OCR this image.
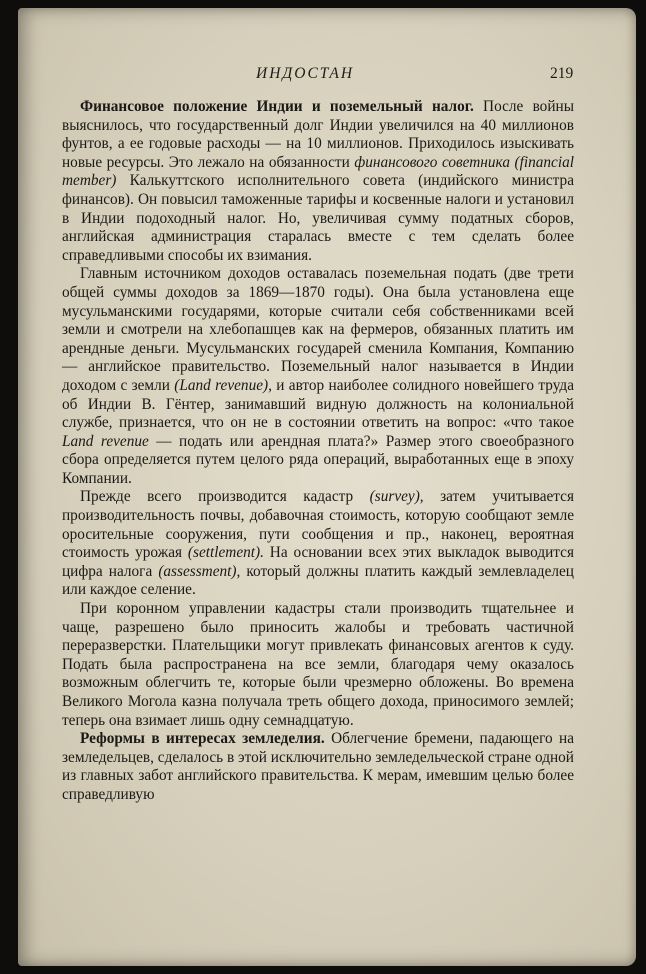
ИНДОСТАН	219

Финансовое положение Индии и поземельный налог. После войны выяснилось, что государственный долг Индии увеличился на 40 миллионов фунтов, а ее годовые расходы — на 10 миллионов. Приходилось изыскивать новые ресурсы. Это лежало на обязанности финансового советника (financial member) Калькуттского исполнительного совета (индийского министра финансов). Он повысил таможенные тарифы и косвенные налоги и установил в Индии подоходный налог. Но, увеличивая сумму податных сборов, английская администрация старалась вместе с тем сделать более справедливыми способы их взимания.

Главным источником доходов оставалась поземельная подать (две трети общей суммы доходов за 1869—1870 годы). Она была установлена еще мусульманскими государями, которые считали себя собственниками всей земли и смотрели на хлебопашцев как на фермеров, обязанных платить им арендные деньги. Мусульманских государей сменила Компания, Компанию — английское правительство. Поземельный налог называется в Индии доходом с земли (Land revenue), и автор наиболее солидного новейшего труда об Индии В. Гёнтер, занимавший видную должность на колониальной службе, признается, что он не в состоянии ответить на вопрос: «что такое Land revenue — подать или арендная плата?» Размер этого своеобразного сбора определяется путем целого ряда операций, выработанных еще в эпоху Компании.

Прежде всего производится кадастр (survey), затем учитывается производительность почвы, добавочная стоимость, которую сообщают земле оросительные сооружения, пути сообщения и пр., наконец, вероятная стоимость урожая (settlement). На основании всех этих выкладок выводится цифра налога (assessment), который должны платить каждый землевладелец или каждое селение.

При коронном управлении кадастры стали производить тщательнее и чаще, разрешено было приносить жалобы и требовать частичной переразверстки. Плательщики могут привлекать финансовых агентов к суду. Подать была распространена на все земли, благодаря чему оказалось возможным облегчить те, которые были чрезмерно обложены. Во времена Великого Могола казна получала треть общего дохода, приносимого землей; теперь она взимает лишь одну семнадцатую.

Реформы в интересах земледелия. Облегчение бремени, падающего на земледельцев, сделалось в этой исключительно земледельческой стране одной из главных забот английского правительства. К мерам, имевшим целью более справедливую
